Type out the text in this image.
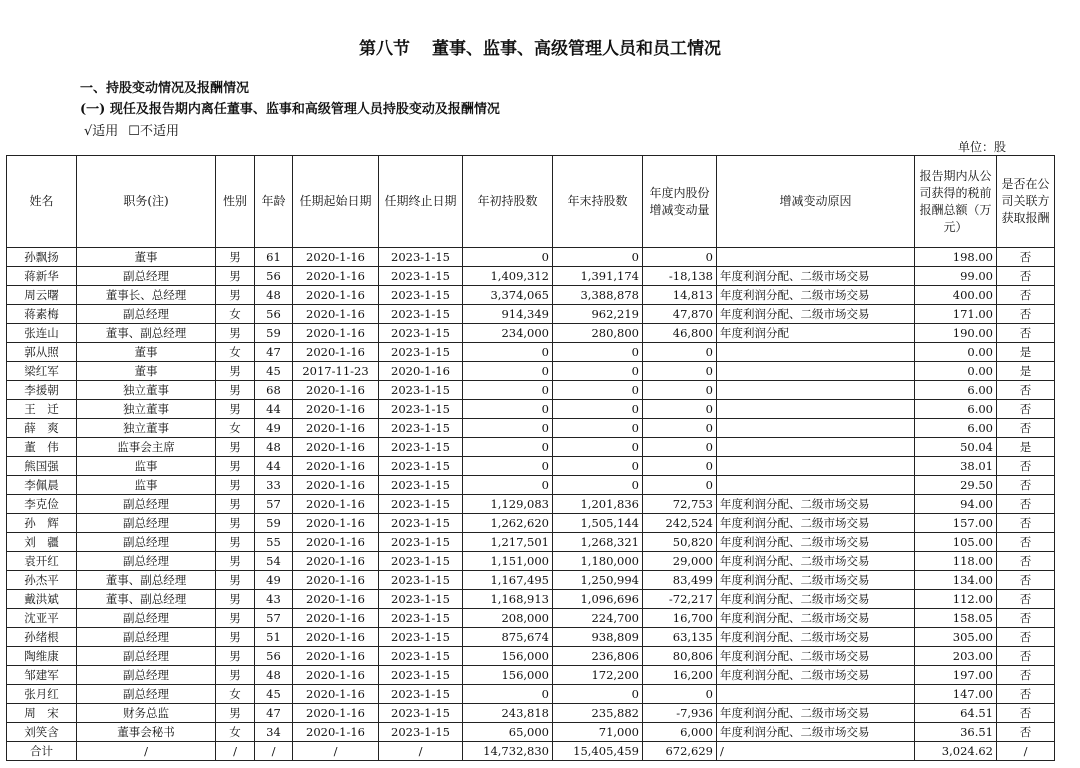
第八节 董事、监事、高级管理人员和员工情况
一、持股变动情况及报酬情况
(一) 现任及报告期内离任董事、监事和高级管理人员持股变动及报酬情况
√适用 ☐不适用
单位：股
姓名	职务(注)	性别	年龄	任期起始日期	任期终止日期	年初持股数	年末持股数	年度内股份增减变动量	增减变动原因	报告期内从公司获得的税前报酬总额（万元）	是否在公司关联方获取报酬
孙飘扬	董事	男	61	2020-1-16	2023-1-15	0	0	0		198.00	否
蒋新华	副总经理	男	56	2020-1-16	2023-1-15	1,409,312	1,391,174	-18,138	年度利润分配、二级市场交易	99.00	否
周云曙	董事长、总经理	男	48	2020-1-16	2023-1-15	3,374,065	3,388,878	14,813	年度利润分配、二级市场交易	400.00	否
蒋素梅	副总经理	女	56	2020-1-16	2023-1-15	914,349	962,219	47,870	年度利润分配、二级市场交易	171.00	否
张连山	董事、副总经理	男	59	2020-1-16	2023-1-15	234,000	280,800	46,800	年度利润分配	190.00	否
郭从照	董事	女	47	2020-1-16	2023-1-15	0	0	0		0.00	是
梁红军	董事	男	45	2017-11-23	2020-1-16	0	0	0		0.00	是
李援朝	独立董事	男	68	2020-1-16	2023-1-15	0	0	0		6.00	否
王　迁	独立董事	男	44	2020-1-16	2023-1-15	0	0	0		6.00	否
薛　爽	独立董事	女	49	2020-1-16	2023-1-15	0	0	0		6.00	否
董　伟	监事会主席	男	48	2020-1-16	2023-1-15	0	0	0		50.04	是
熊国强	监事	男	44	2020-1-16	2023-1-15	0	0	0		38.01	否
李佩晨	监事	男	33	2020-1-16	2023-1-15	0	0	0		29.50	否
李克俭	副总经理	男	57	2020-1-16	2023-1-15	1,129,083	1,201,836	72,753	年度利润分配、二级市场交易	94.00	否
孙　辉	副总经理	男	59	2020-1-16	2023-1-15	1,262,620	1,505,144	242,524	年度利润分配、二级市场交易	157.00	否
刘　疆	副总经理	男	55	2020-1-16	2023-1-15	1,217,501	1,268,321	50,820	年度利润分配、二级市场交易	105.00	否
袁开红	副总经理	男	54	2020-1-16	2023-1-15	1,151,000	1,180,000	29,000	年度利润分配、二级市场交易	118.00	否
孙杰平	董事、副总经理	男	49	2020-1-16	2023-1-15	1,167,495	1,250,994	83,499	年度利润分配、二级市场交易	134.00	否
戴洪斌	董事、副总经理	男	43	2020-1-16	2023-1-15	1,168,913	1,096,696	-72,217	年度利润分配、二级市场交易	112.00	否
沈亚平	副总经理	男	57	2020-1-16	2023-1-15	208,000	224,700	16,700	年度利润分配、二级市场交易	158.05	否
孙绪根	副总经理	男	51	2020-1-16	2023-1-15	875,674	938,809	63,135	年度利润分配、二级市场交易	305.00	否
陶维康	副总经理	男	56	2020-1-16	2023-1-15	156,000	236,806	80,806	年度利润分配、二级市场交易	203.00	否
邹建军	副总经理	男	48	2020-1-16	2023-1-15	156,000	172,200	16,200	年度利润分配、二级市场交易	197.00	否
张月红	副总经理	女	45	2020-1-16	2023-1-15	0	0	0		147.00	否
周　宋	财务总监	男	47	2020-1-16	2023-1-15	243,818	235,882	-7,936	年度利润分配、二级市场交易	64.51	否
刘笑含	董事会秘书	女	34	2020-1-16	2023-1-15	65,000	71,000	6,000	年度利润分配、二级市场交易	36.51	否
合计	/	/	/	/	/	14,732,830	15,405,459	672,629	/	3,024.62	/
